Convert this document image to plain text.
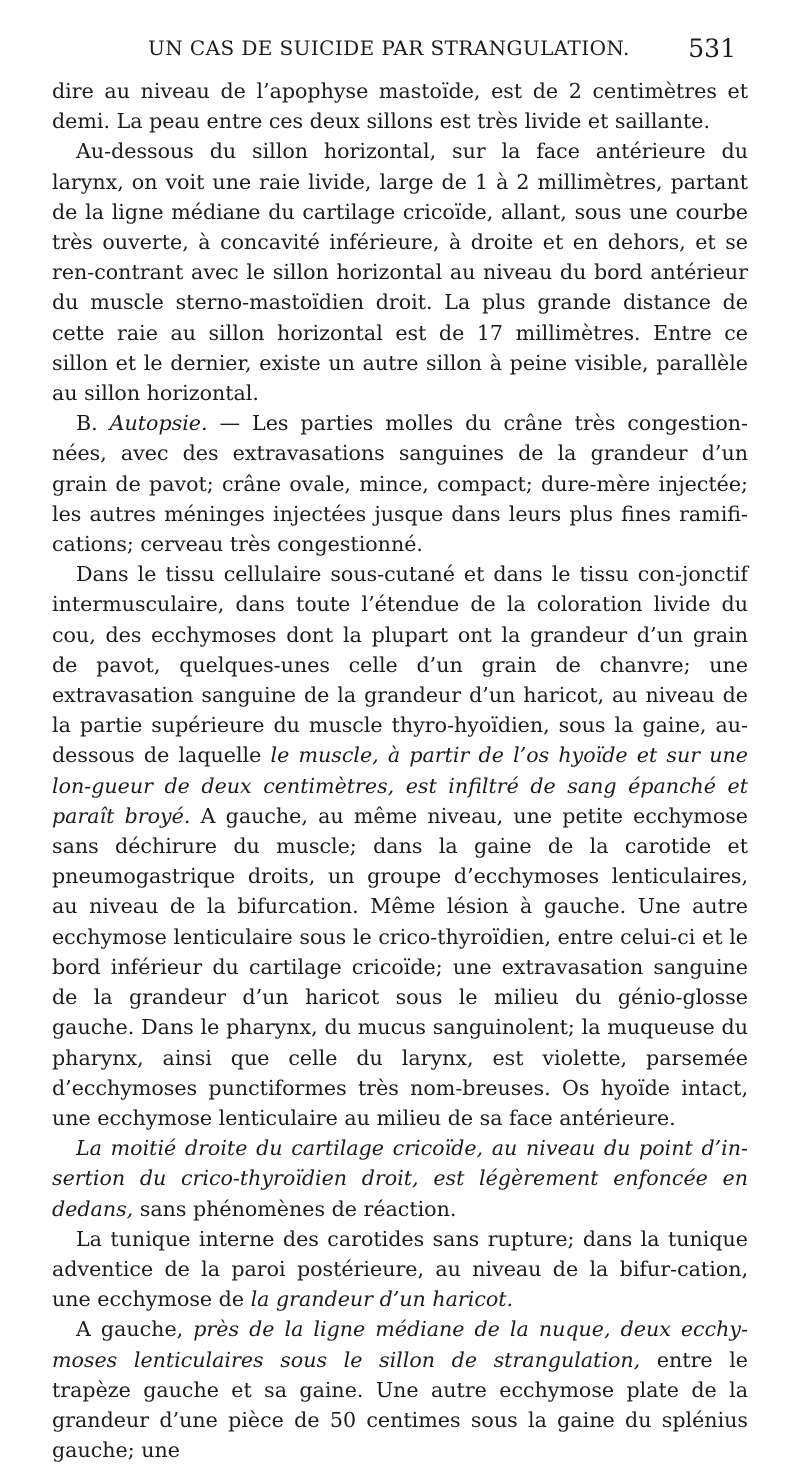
UN CAS DE SUICIDE PAR STRANGULATION. 531

dire au niveau de l’apophyse mastoïde, est de 2 centimètres et demi. La peau entre ces deux sillons est très livide et saillante.

Au-dessous du sillon horizontal, sur la face antérieure du larynx, on voit une raie livide, large de 1 à 2 millimètres, partant de la ligne médiane du cartilage cricoïde, allant, sous une courbe très ouverte, à concavité inférieure, à droite et en dehors, et se ren-contrant avec le sillon horizontal au niveau du bord antérieur du muscle sterno-mastoïdien droit. La plus grande distance de cette raie au sillon horizontal est de 17 millimètres. Entre ce sillon et le dernier, existe un autre sillon à peine visible, parallèle au sillon horizontal.

B. Autopsie. — Les parties molles du crâne très congestion-nées, avec des extravasations sanguines de la grandeur d’un grain de pavot; crâne ovale, mince, compact; dure-mère injectée; les autres méninges injectées jusque dans leurs plus fines ramifi-cations; cerveau très congestionné.

Dans le tissu cellulaire sous-cutané et dans le tissu con-jonctif intermusculaire, dans toute l’étendue de la coloration livide du cou, des ecchymoses dont la plupart ont la grandeur d’un grain de pavot, quelques-unes celle d’un grain de chanvre; une extravasation sanguine de la grandeur d’un haricot, au niveau de la partie supérieure du muscle thyro-hyoïdien, sous la gaine, au-dessous de laquelle le muscle, à partir de l’os hyoïde et sur une lon-gueur de deux centimètres, est infiltré de sang épanché et paraît broyé. A gauche, au même niveau, une petite ecchymose sans déchirure du muscle; dans la gaine de la carotide et pneumogastrique droits, un groupe d’ecchymoses lenticulaires, au niveau de la bifurcation. Même lésion à gauche. Une autre ecchymose lenticulaire sous le crico-thyroïdien, entre celui-ci et le bord inférieur du cartilage cricoïde; une extravasation sanguine de la grandeur d’un haricot sous le milieu du génio-glosse gauche. Dans le pharynx, du mucus sanguinolent; la muqueuse du pharynx, ainsi que celle du larynx, est violette, parsemée d’ecchymoses punctiformes très nom-breuses. Os hyoïde intact, une ecchymose lenticulaire au milieu de sa face antérieure.

La moitié droite du cartilage cricoïde, au niveau du point d’in-sertion du crico-thyroïdien droit, est légèrement enfoncée en dedans, sans phénomènes de réaction.

La tunique interne des carotides sans rupture; dans la tunique adventice de la paroi postérieure, au niveau de la bifur-cation, une ecchymose de la grandeur d’un haricot.

A gauche, près de la ligne médiane de la nuque, deux ecchy-moses lenticulaires sous le sillon de strangulation, entre le trapèze gauche et sa gaine. Une autre ecchymose plate de la grandeur d’une pièce de 50 centimes sous la gaine du splénius gauche; une
